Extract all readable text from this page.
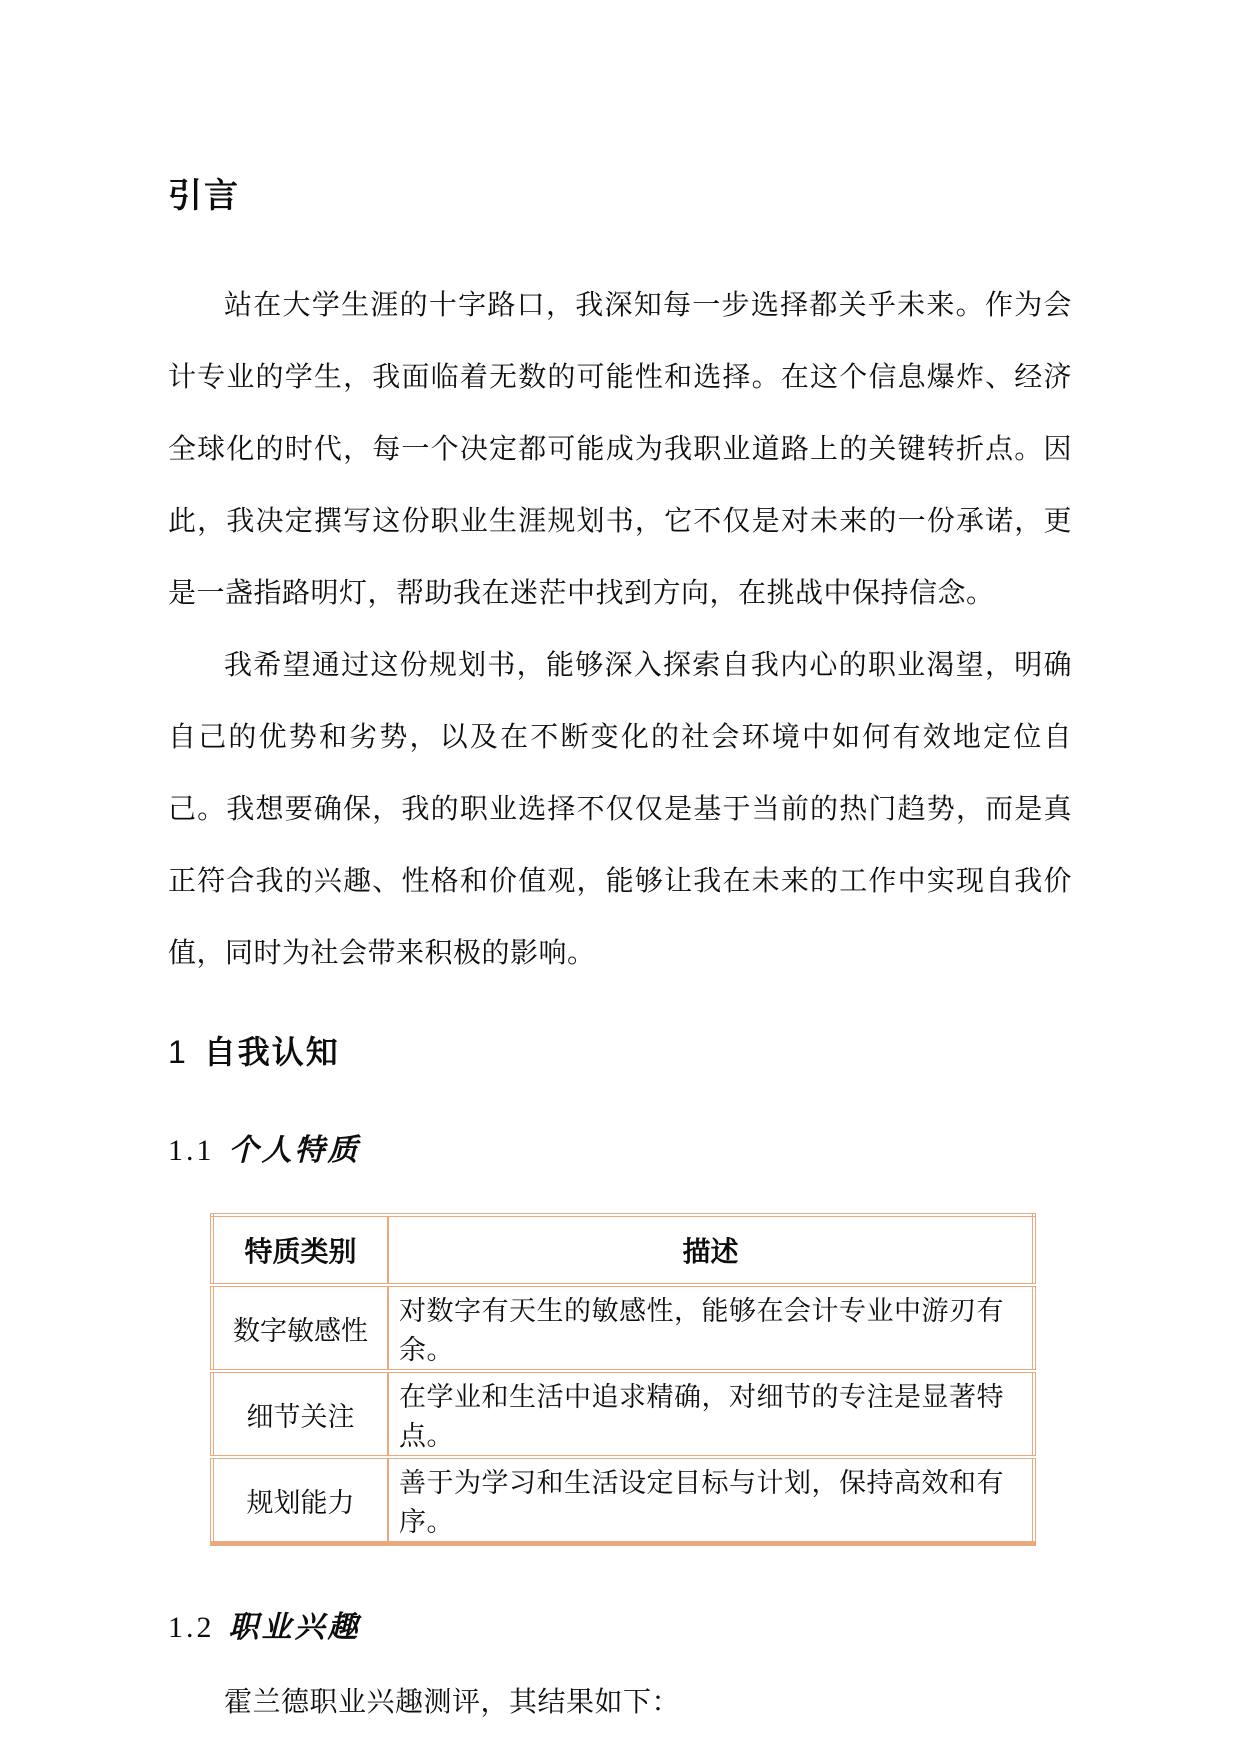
引言

站在大学生涯的十字路口，我深知每一步选择都关乎未来。作为会计专业的学生，我面临着无数的可能性和选择。在这个信息爆炸、经济全球化的时代，每一个决定都可能成为我职业道路上的关键转折点。因此，我决定撰写这份职业生涯规划书，它不仅是对未来的一份承诺，更是一盏指路明灯，帮助我在迷茫中找到方向，在挑战中保持信念。

我希望通过这份规划书，能够深入探索自我内心的职业渴望，明确自己的优势和劣势，以及在不断变化的社会环境中如何有效地定位自己。我想要确保，我的职业选择不仅仅是基于当前的热门趋势，而是真正符合我的兴趣、性格和价值观，能够让我在未来的工作中实现自我价值，同时为社会带来积极的影响。

1 自我认知
1.1 个人特质
特质类别	描述
数字敏感性	对数字有天生的敏感性，能够在会计专业中游刃有余。
细节关注	在学业和生活中追求精确，对细节的专注是显著特点。
规划能力	善于为学习和生活设定目标与计划，保持高效和有序。
1.2 职业兴趣

霍兰德职业兴趣测评，其结果如下：
